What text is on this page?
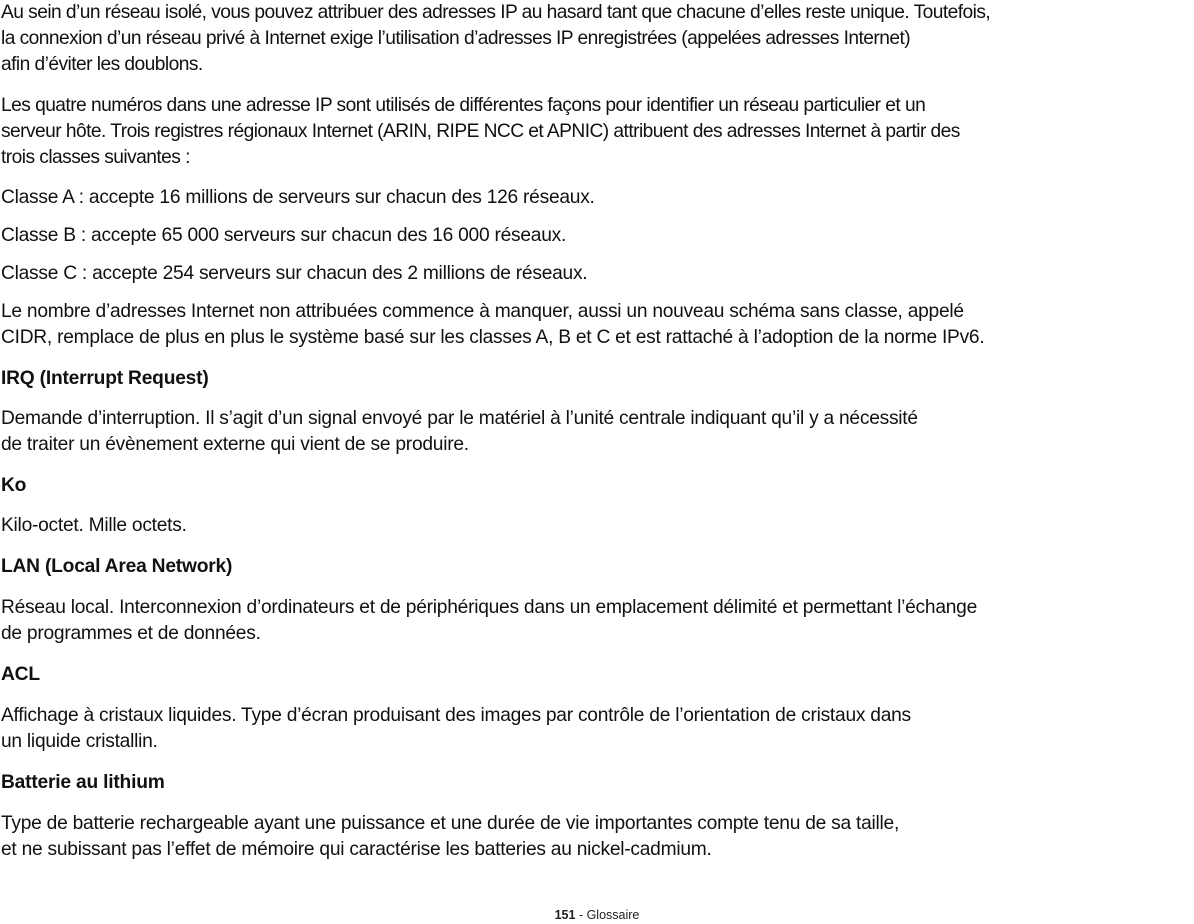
Au sein d’un réseau isolé, vous pouvez attribuer des adresses IP au hasard tant que chacune d’elles reste unique. Toutefois,
la connexion d’un réseau privé à Internet exige l’utilisation d’adresses IP enregistrées (appelées adresses Internet)
afin d’éviter les doublons.

Les quatre numéros dans une adresse IP sont utilisés de différentes façons pour identifier un réseau particulier et un
serveur hôte. Trois registres régionaux Internet (ARIN, RIPE NCC et APNIC) attribuent des adresses Internet à partir des
trois classes suivantes :

Classe A : accepte 16 millions de serveurs sur chacun des 126 réseaux.

Classe B : accepte 65 000 serveurs sur chacun des 16 000 réseaux.

Classe C : accepte 254 serveurs sur chacun des 2 millions de réseaux.

Le nombre d’adresses Internet non attribuées commence à manquer, aussi un nouveau schéma sans classe, appelé
CIDR, remplace de plus en plus le système basé sur les classes A, B et C et est rattaché à l’adoption de la norme IPv6.

IRQ (Interrupt Request)

Demande d’interruption. Il s’agit d’un signal envoyé par le matériel à l’unité centrale indiquant qu’il y a nécessité
de traiter un évènement externe qui vient de se produire.

Ko

Kilo-octet. Mille octets.

LAN (Local Area Network)

Réseau local. Interconnexion d’ordinateurs et de périphériques dans un emplacement délimité et permettant l’échange
de programmes et de données.

ACL

Affichage à cristaux liquides. Type d’écran produisant des images par contrôle de l’orientation de cristaux dans
un liquide cristallin.

Batterie au lithium

Type de batterie rechargeable ayant une puissance et une durée de vie importantes compte tenu de sa taille,
et ne subissant pas l’effet de mémoire qui caractérise les batteries au nickel-cadmium.

151 - Glossaire
